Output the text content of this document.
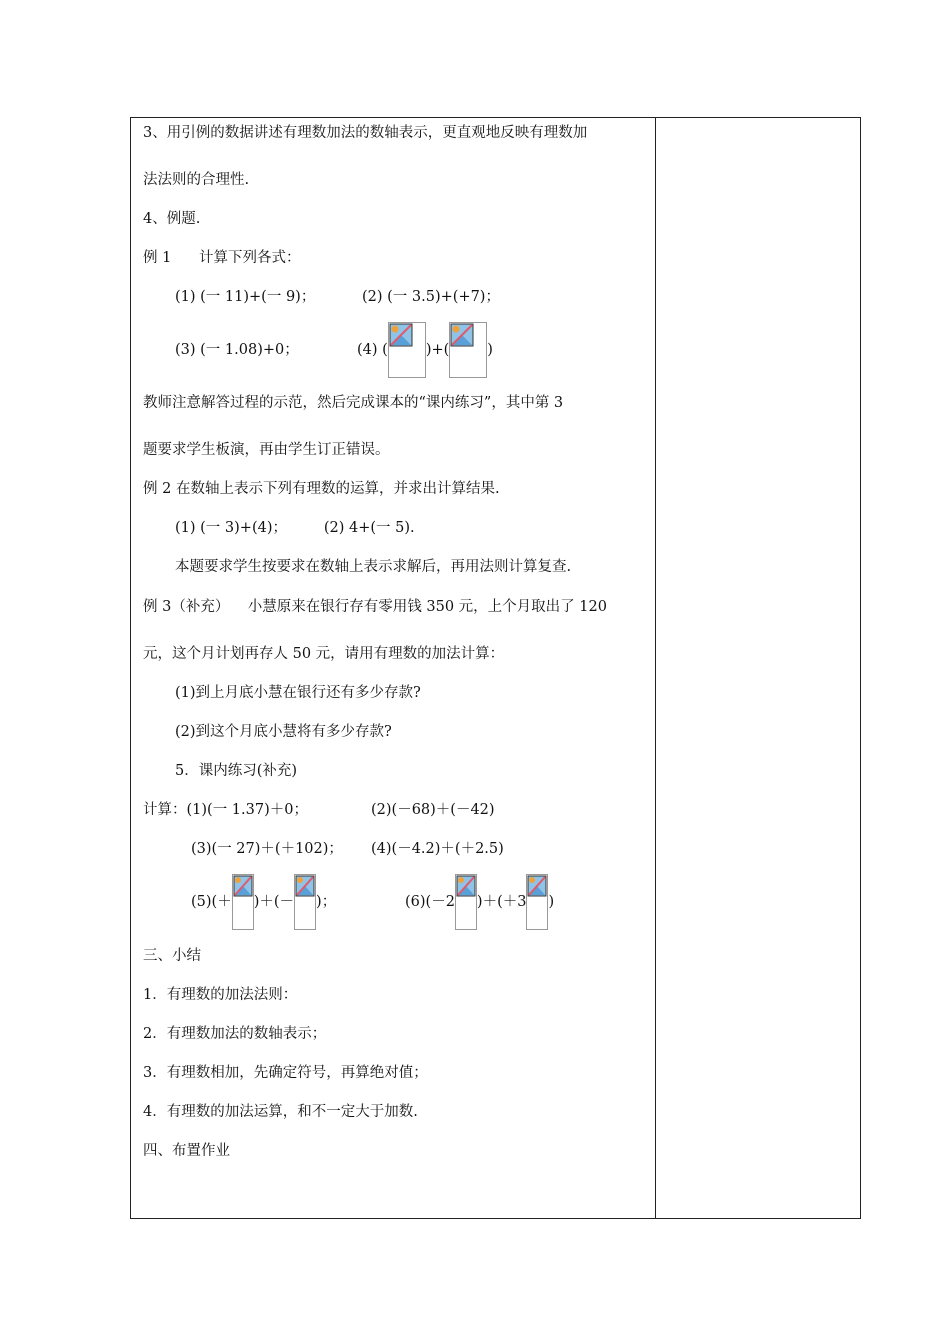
3、用引例的数据讲述有理数加法的数轴表示，更直观地反映有理数加
法法则的合理性.
4、例题.
例 1      计算下列各式：
(1) (一 11)+(一 9)；	(2) (一 3.5)+(+7)；
(3) (一 1.08)+0；	(4) (	)+(	)
教师注意解答过程的示范，然后完成课本的“课内练习”，其中第 3
题要求学生板演，再由学生订正错误。
例 2 在数轴上表示下列有理数的运算，并求出计算结果.
(1) (一 3)+(4)；        (2) 4+(一 5).
本题要求学生按要求在数轴上表示求解后，再用法则计算复查.
例 3（补充）    小慧原来在银行存有零用钱 350 元，上个月取出了 120
元，这个月计划再存人 50 元，请用有理数的加法计算：
(1)到上月底小慧在银行还有多少存款?
(2)到这个月底小慧将有多少存款?
5．课内练习(补充)
计算：(1)(一 1.37)＋0；	(2)(－68)＋(－42)
(3)(一 27)＋(＋102)； (4)(－4.2)＋(＋2.5)
(5)(＋ )＋(－ )；	(6)(－2 )＋(＋3 )
三、小结
1．有理数的加法法则：
2．有理数加法的数轴表示；
3．有理数相加，先确定符号，再算绝对值；
4．有理数的加法运算，和不一定大于加数.
四、布置作业
